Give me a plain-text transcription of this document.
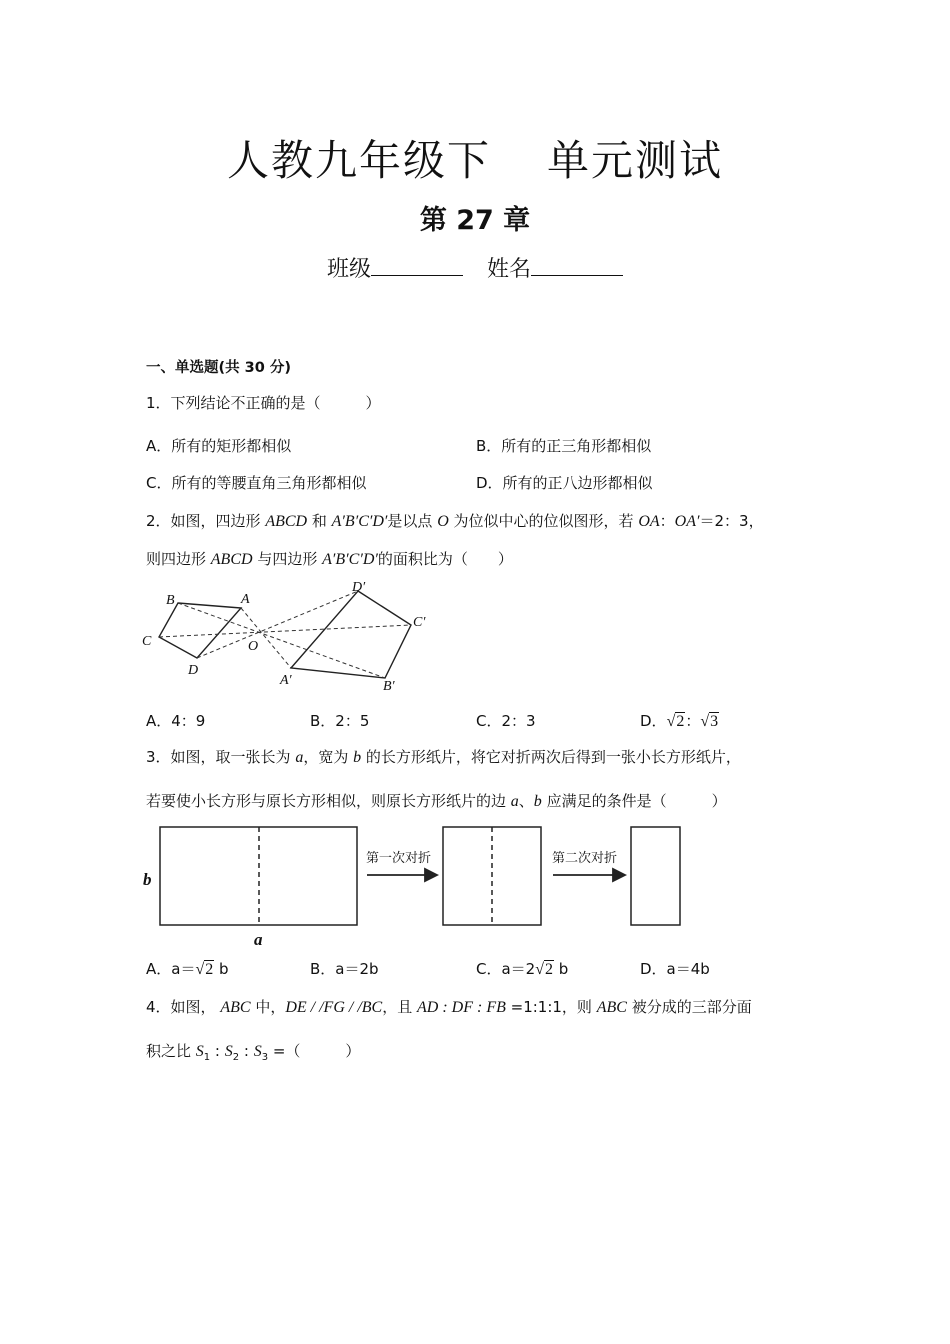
人教九年级下 单元测试
第 27 章
班级	姓名
一、单选题(共 30 分)
1．下列结论不正确的是（　　　）
A．所有的矩形都相似	B．所有的正三角形都相似
C．所有的等腰直角三角形都相似	D．所有的正八边形都相似
2．如图，四边形 ABCD 和 A′B′C′D′是以点 O 为位似中心的位似图形，若 OA：OA′＝2：3，
则四边形 ABCD 与四边形 A′B′C′D′的面积比为（　　）
B	A
C
D
O
D′
C′
A′	B′
A．4：9	B．2：5	C．2：3	D．√2：√3
3．如图，取一张长为 a，宽为 b 的长方形纸片，将它对折两次后得到一张小长方形纸片，
若要使小长方形与原长方形相似，则原长方形纸片的边 a、b 应满足的条件是（　　　）
第一次对折	第二次对折
b
a
A．a＝√2 b	B．a＝2b	C．a＝2√2 b	D．a＝4b
4．如图， ABC 中，DE / /FG / /BC，且 AD : DF : FB =1:1:1，则 ABC 被分成的三部分面
积之比 $S_1$ : $S_2$ : $S_3$ =（　　　）
